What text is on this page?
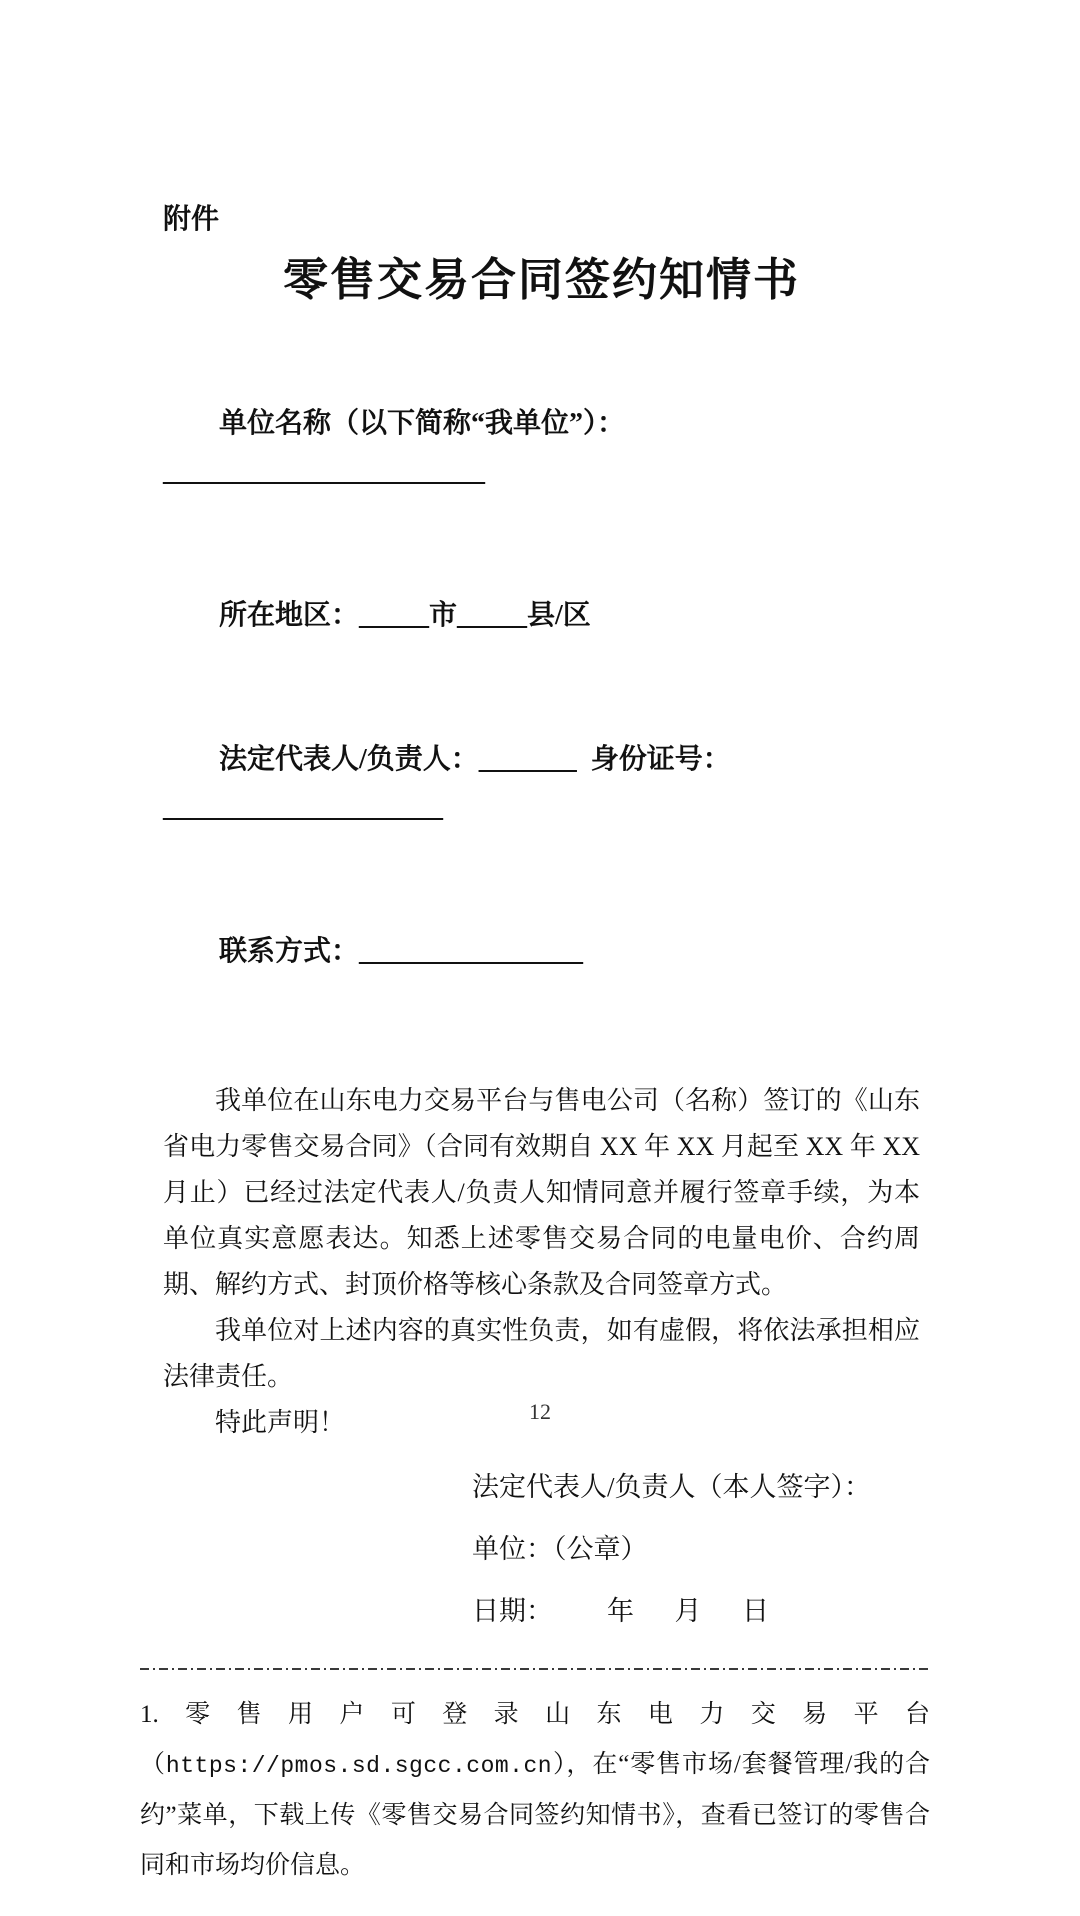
附件
零售交易合同签约知情书

单位名称（以下简称“我单位”）：_______________________

所在地区：_____市_____县/区

法定代表人/负责人：_______ 身份证号：____________________

联系方式：________________

我单位在山东电力交易平台与售电公司（名称）签订的《山东省电力零售交易合同》（合同有效期自 XX 年 XX 月起至 XX 年 XX 月止）已经过法定代表人/负责人知情同意并履行签章手续，为本单位真实意愿表达。知悉上述零售交易合同的电量电价、合约周期、解约方式、封顶价格等核心条款及合同签章方式。

我单位对上述内容的真实性负责，如有虚假，将依法承担相应法律责任。

特此声明！

法定代表人/负责人（本人签字）：
单位：（公章）
日期：        年      月      日

1.零售用户可登录山东电力交易平台（https://pmos.sd.sgcc.com.cn），在“零售市场/套餐管理/我的合约”菜单，下载上传《零售交易合同签约知情书》，查看已签订的零售合同和市场均价信息。

12
